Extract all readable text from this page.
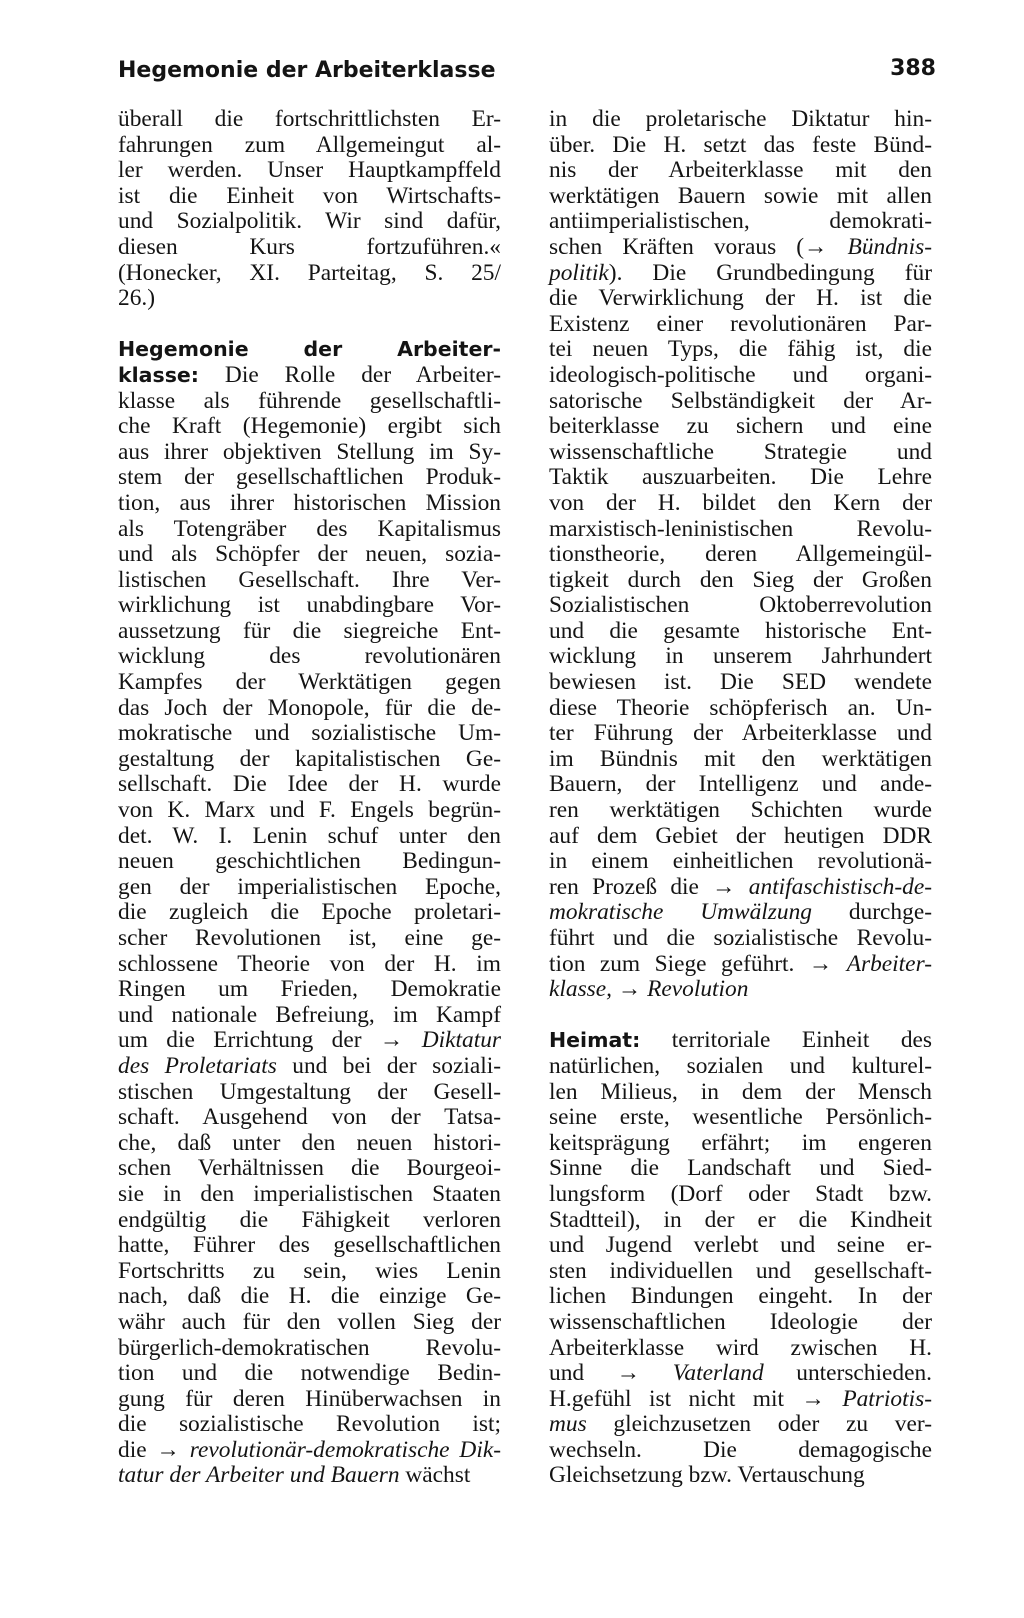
Hegemonie der Arbeiterklasse	388
überall die fortschrittlichsten Er-
fahrungen zum Allgemeingut al-
ler werden. Unser Hauptkampffeld
ist die Einheit von Wirtschafts-
und Sozialpolitik. Wir sind dafür,
diesen Kurs fortzuführen.«
(Honecker, XI. Parteitag, S. 25/
26.)
Hegemonie der Arbeiter-
klasse: Die Rolle der Arbeiter-
klasse als führende gesellschaftli-
che Kraft (Hegemonie) ergibt sich
aus ihrer objektiven Stellung im Sy-
stem der gesellschaftlichen Produk-
tion, aus ihrer historischen Mission
als Totengräber des Kapitalismus
und als Schöpfer der neuen, sozia-
listischen Gesellschaft. Ihre Ver-
wirklichung ist unabdingbare Vor-
aussetzung für die siegreiche Ent-
wicklung des revolutionären
Kampfes der Werktätigen gegen
das Joch der Monopole, für die de-
mokratische und sozialistische Um-
gestaltung der kapitalistischen Ge-
sellschaft. Die Idee der H. wurde
von K. Marx und F. Engels begrün-
det. W. I. Lenin schuf unter den
neuen geschichtlichen Bedingun-
gen der imperialistischen Epoche,
die zugleich die Epoche proletari-
scher Revolutionen ist, eine ge-
schlossene Theorie von der H. im
Ringen um Frieden, Demokratie
und nationale Befreiung, im Kampf
um die Errichtung der → Diktatur
des Proletariats und bei der soziali-
stischen Umgestaltung der Gesell-
schaft. Ausgehend von der Tatsa-
che, daß unter den neuen histori-
schen Verhältnissen die Bourgeoi-
sie in den imperialistischen Staaten
endgültig die Fähigkeit verloren
hatte, Führer des gesellschaftlichen
Fortschritts zu sein, wies Lenin
nach, daß die H. die einzige Ge-
währ auch für den vollen Sieg der
bürgerlich-demokratischen Revolu-
tion und die notwendige Bedin-
gung für deren Hinüberwachsen in
die sozialistische Revolution ist;
die → revolutionär-demokratische Dik-
tatur der Arbeiter und Bauern wächst
in die proletarische Diktatur hin-
über. Die H. setzt das feste Bünd-
nis der Arbeiterklasse mit den
werktätigen Bauern sowie mit allen
antiimperialistischen, demokrati-
schen Kräften voraus (→ Bündnis-
politik). Die Grundbedingung für
die Verwirklichung der H. ist die
Existenz einer revolutionären Par-
tei neuen Typs, die fähig ist, die
ideologisch-politische und organi-
satorische Selbständigkeit der Ar-
beiterklasse zu sichern und eine
wissenschaftliche Strategie und
Taktik auszuarbeiten. Die Lehre
von der H. bildet den Kern der
marxistisch-leninistischen Revolu-
tionstheorie, deren Allgemeingül-
tigkeit durch den Sieg der Großen
Sozialistischen Oktoberrevolution
und die gesamte historische Ent-
wicklung in unserem Jahrhundert
bewiesen ist. Die SED wendete
diese Theorie schöpferisch an. Un-
ter Führung der Arbeiterklasse und
im Bündnis mit den werktätigen
Bauern, der Intelligenz und ande-
ren werktätigen Schichten wurde
auf dem Gebiet der heutigen DDR
in einem einheitlichen revolutionä-
ren Prozeß die → antifaschistisch-de-
mokratische Umwälzung durchge-
führt und die sozialistische Revolu-
tion zum Siege geführt. → Arbeiter-
klasse, → Revolution
Heimat: territoriale Einheit des
natürlichen, sozialen und kulturel-
len Milieus, in dem der Mensch
seine erste, wesentliche Persönlich-
keitsprägung erfährt; im engeren
Sinne die Landschaft und Sied-
lungsform (Dorf oder Stadt bzw.
Stadtteil), in der er die Kindheit
und Jugend verlebt und seine er-
sten individuellen und gesellschaft-
lichen Bindungen eingeht. In der
wissenschaftlichen Ideologie der
Arbeiterklasse wird zwischen H.
und → Vaterland unterschieden.
H.gefühl ist nicht mit → Patriotis-
mus gleichzusetzen oder zu ver-
wechseln. Die demagogische
Gleichsetzung bzw. Vertauschung
